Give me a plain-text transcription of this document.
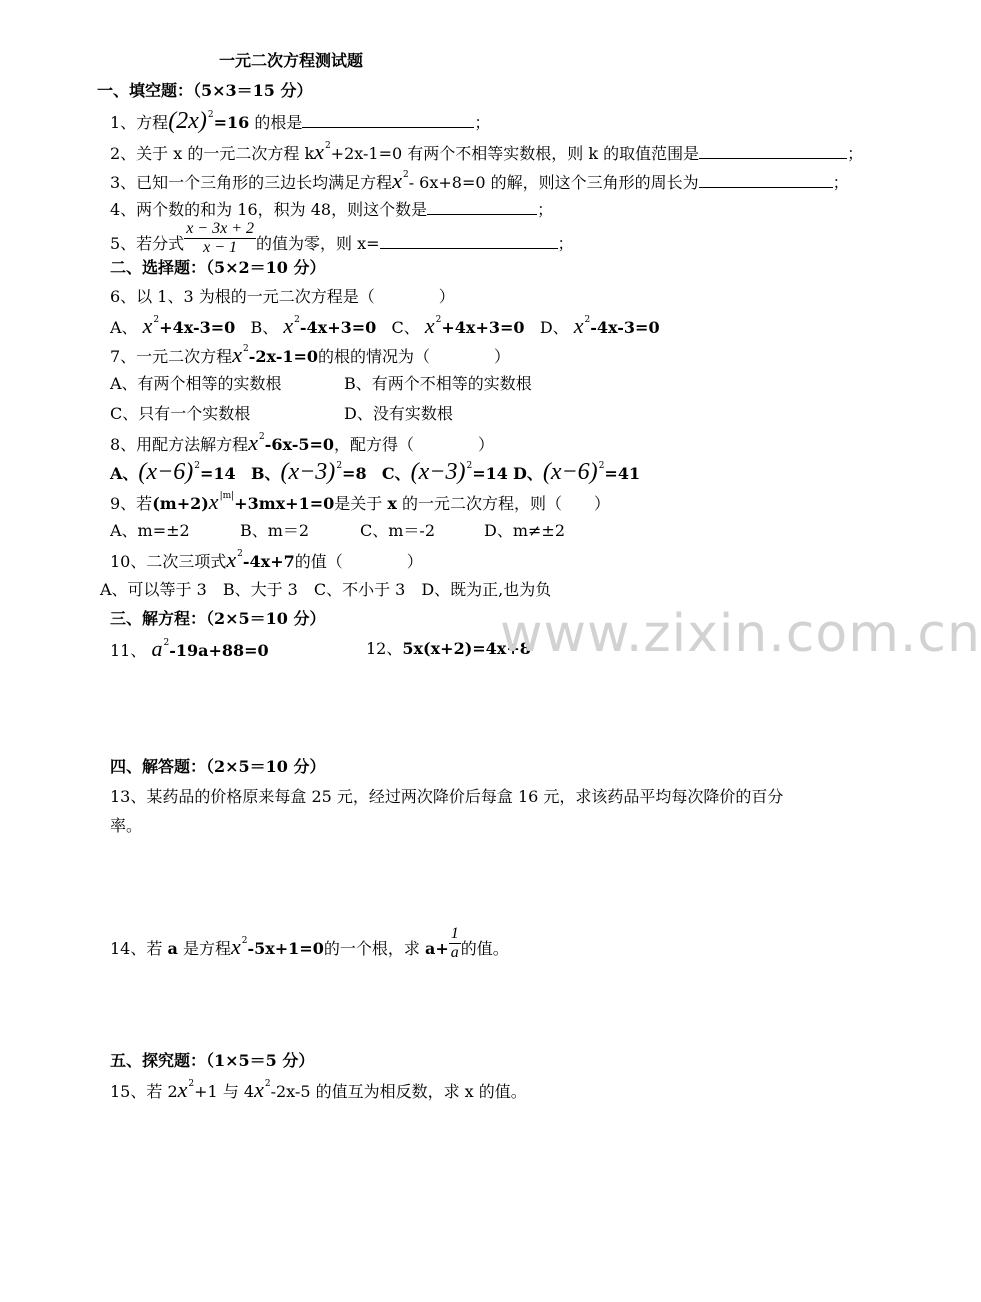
一元二次方程测试题
一、填空题：（5×3＝15 分）
1、方程$(2x)^2=16$ 的根是	；
2、关于 x 的一元二次方程 $kx^2+2x-1=0$ 有两个不相等实数根，则 k 的取值范围是	；
3、已知一个三角形的三边长均满足方程$x^2-$ 6x+8=0 的解，则这个三角形的周长为	；
4、两个数的和为 16，积为 48，则这个数是	；
5、若分式 $\frac{x - 3x + 2}{x - 1}$ 的值为零，则 x=	；
二、选择题：（5×2＝10 分）
6、以 1、3 为根的一元二次方程是（　　　　）
A、 $x^2+4x-3=0$ B、 $x^2-4x+3=0$ C、 $x^2+4x+3=0$ D、 $x^2-4x-3=0$
7、一元二次方程$x^2-2x-1=0$的根的情况为（　　　　）
A、有两个相等的实数根	B、有两个不相等的实数根
C、只有一个实数根	D、没有实数根
8、用配方法解方程$x^2-6x-5=0$，配方得（　　　　）
A、$(x-6)^2=14$ B、$(x-3)^2=8$ C、$(x-3)^2=14$ D、$(x-6)^2=41$
9、若$(m+2)x^{|m|}+3mx+1=0$是关于 x 的一元二次方程，则（　　）
A、m=±2	B、m＝2	C、m＝-2	D、m≠±2
10、二次三项式$x^2-4x+7$的值（　　　　）
A、可以等于 3　B、大于 3　C、不小于 3　D、既为正,也为负
三、解方程：（2×5＝10 分）
11、 $a^2-19a+88=0$	12、5x(x+2)=4x+8
四、解答题：（2×5＝10 分）
13、某药品的价格原来每盒 25 元，经过两次降价后每盒 16 元，求该药品平均每次降价的百分
率。
14、若 a 是方程$x^2-5x+1=0$的一个根，求 $a+ \frac{1}{a}$ 的值。
五、探究题：（1×5＝5 分）
15、若 $2x^2+1$ 与 $4x^2-2x-5$ 的值互为相反数，求 x 的值。
www.zixin.com.cn
